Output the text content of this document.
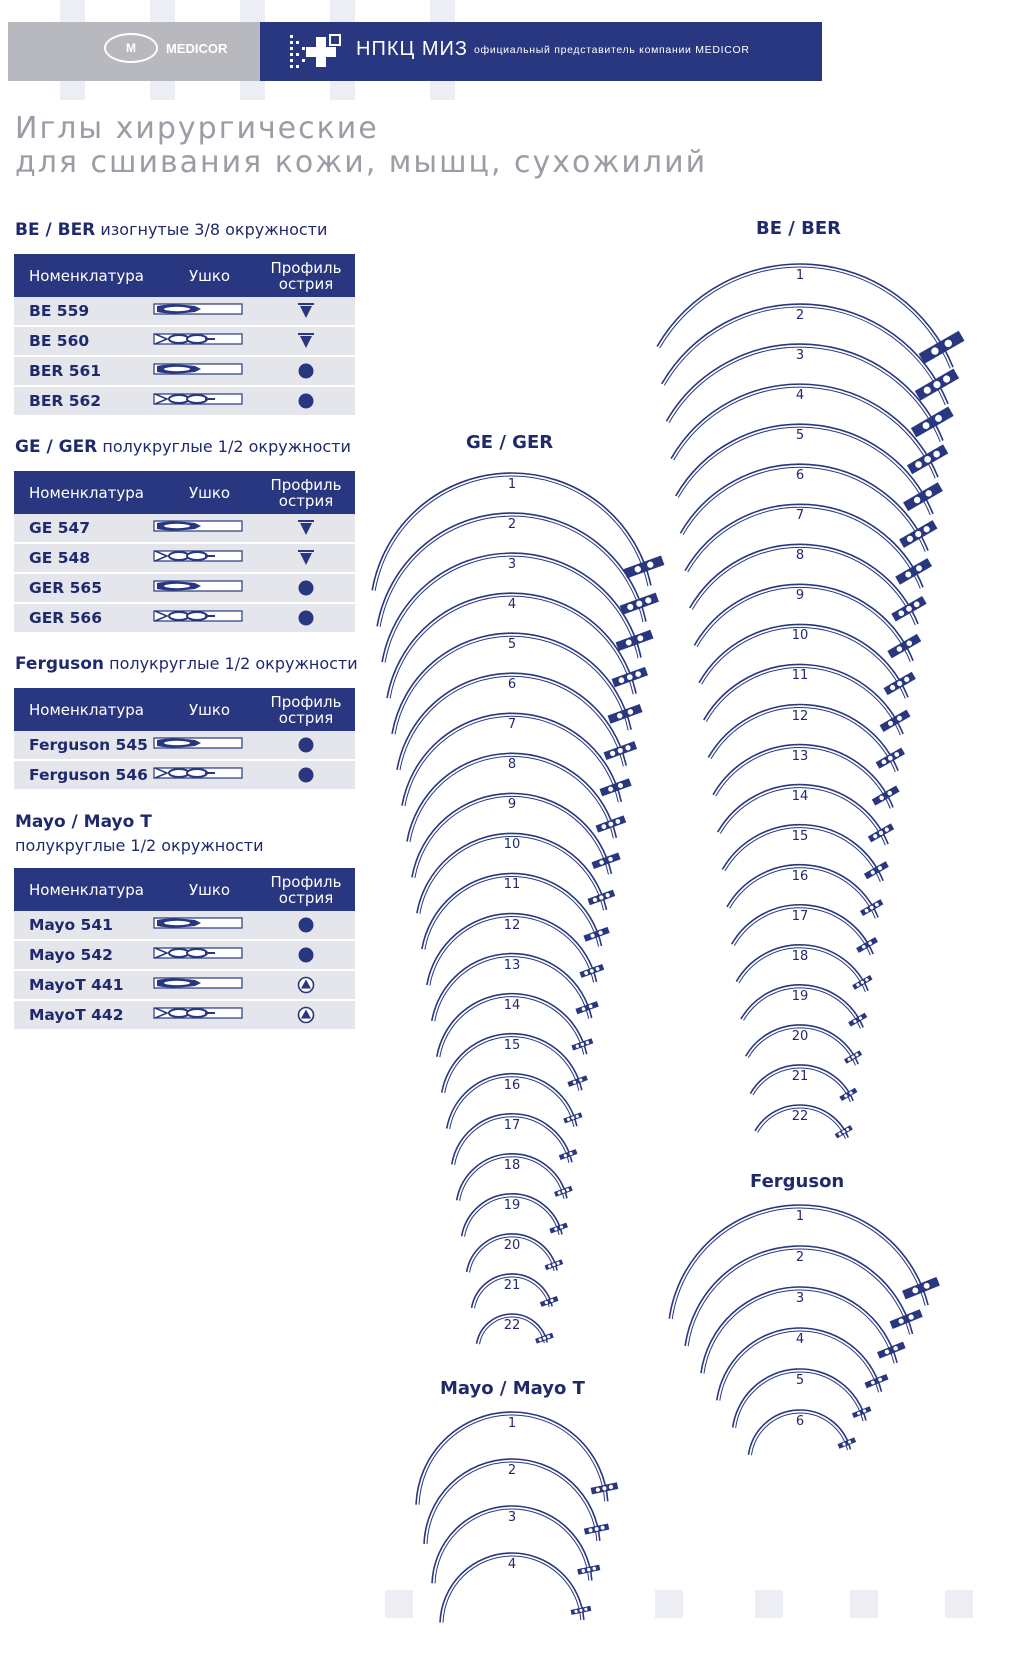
M	MEDICOR	НПКЦ МИЗ официальный представитель компании MEDICOR
Иглы хирургические
для сшивания кожи, мышц, сухожилий
BE / BER изогнутые 3/8 окружности
Номенклатура	Ушко	Профиль
острия
BE 559
BE 560
BER 561
BER 562
GE / GER полукруглые 1/2 окружности
Номенклатура	Ушко	Профиль
острия
GE 547
GE 548
GER 565
GER 566
Ferguson полукруглые 1/2 окружности
Номенклатура	Ушко	Профиль
острия
Ferguson 545
Ferguson 546
Mayo / Mayo T
полукруглые 1/2 окружности
Номенклатура	Ушко	Профиль
острия
Mayo 541
Mayo 542
MayoT 441
MayoT 442
GE / GER
1
2
3
4
5
6
7
8
9
10
11
12
13
14
15
16
17
18
19
20
21
22
BE / BER
1
2
3
4
5
6
7
8
9
10
11
12
13
14
15
16
17
18
19
20
21
22
Ferguson
1
2
3
4
5
6
Mayo / Mayo T
1
2
3
4
